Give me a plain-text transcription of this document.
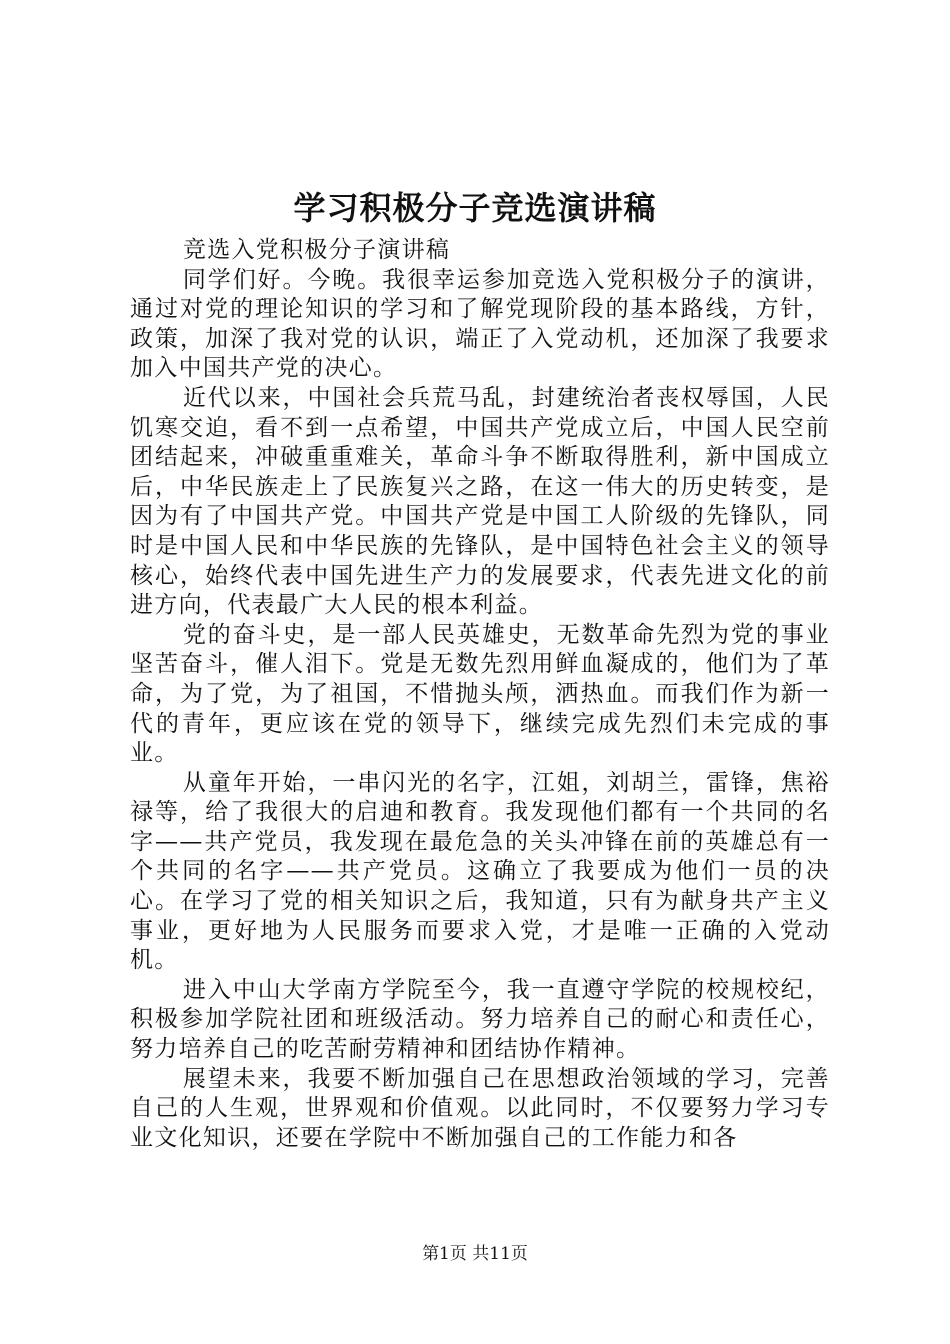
学习积极分子竞选演讲稿

竞选入党积极分子演讲稿

同学们好。今晚。我很幸运参加竞选入党积极分子的演讲，通过对党的理论知识的学习和了解党现阶段的基本路线，方针，政策，加深了我对党的认识，端正了入党动机，还加深了我要求加入中国共产党的决心。

近代以来，中国社会兵荒马乱，封建统治者丧权辱国，人民饥寒交迫，看不到一点希望，中国共产党成立后，中国人民空前团结起来，冲破重重难关，革命斗争不断取得胜利，新中国成立后，中华民族走上了民族复兴之路，在这一伟大的历史转变，是因为有了中国共产党。中国共产党是中国工人阶级的先锋队，同时是中国人民和中华民族的先锋队，是中国特色社会主义的领导核心，始终代表中国先进生产力的发展要求，代表先进文化的前进方向，代表最广大人民的根本利益。

党的奋斗史，是一部人民英雄史，无数革命先烈为党的事业坚苦奋斗，催人泪下。党是无数先烈用鲜血凝成的，他们为了革命，为了党，为了祖国，不惜抛头颅，洒热血。而我们作为新一代的青年，更应该在党的领导下，继续完成先烈们未完成的事业。

从童年开始，一串闪光的名字，江姐，刘胡兰，雷锋，焦裕禄等，给了我很大的启迪和教育。我发现他们都有一个共同的名字——共产党员，我发现在最危急的关头冲锋在前的英雄总有一个共同的名字——共产党员。这确立了我要成为他们一员的决心。在学习了党的相关知识之后，我知道，只有为献身共产主义事业，更好地为人民服务而要求入党，才是唯一正确的入党动机。

进入中山大学南方学院至今，我一直遵守学院的校规校纪，积极参加学院社团和班级活动。努力培养自己的耐心和责任心，努力培养自己的吃苦耐劳精神和团结协作精神。

展望未来，我要不断加强自己在思想政治领域的学习，完善自己的人生观，世界观和价值观。以此同时，不仅要努力学习专业文化知识，还要在学院中不断加强自己的工作能力和各

第1页 共11页
